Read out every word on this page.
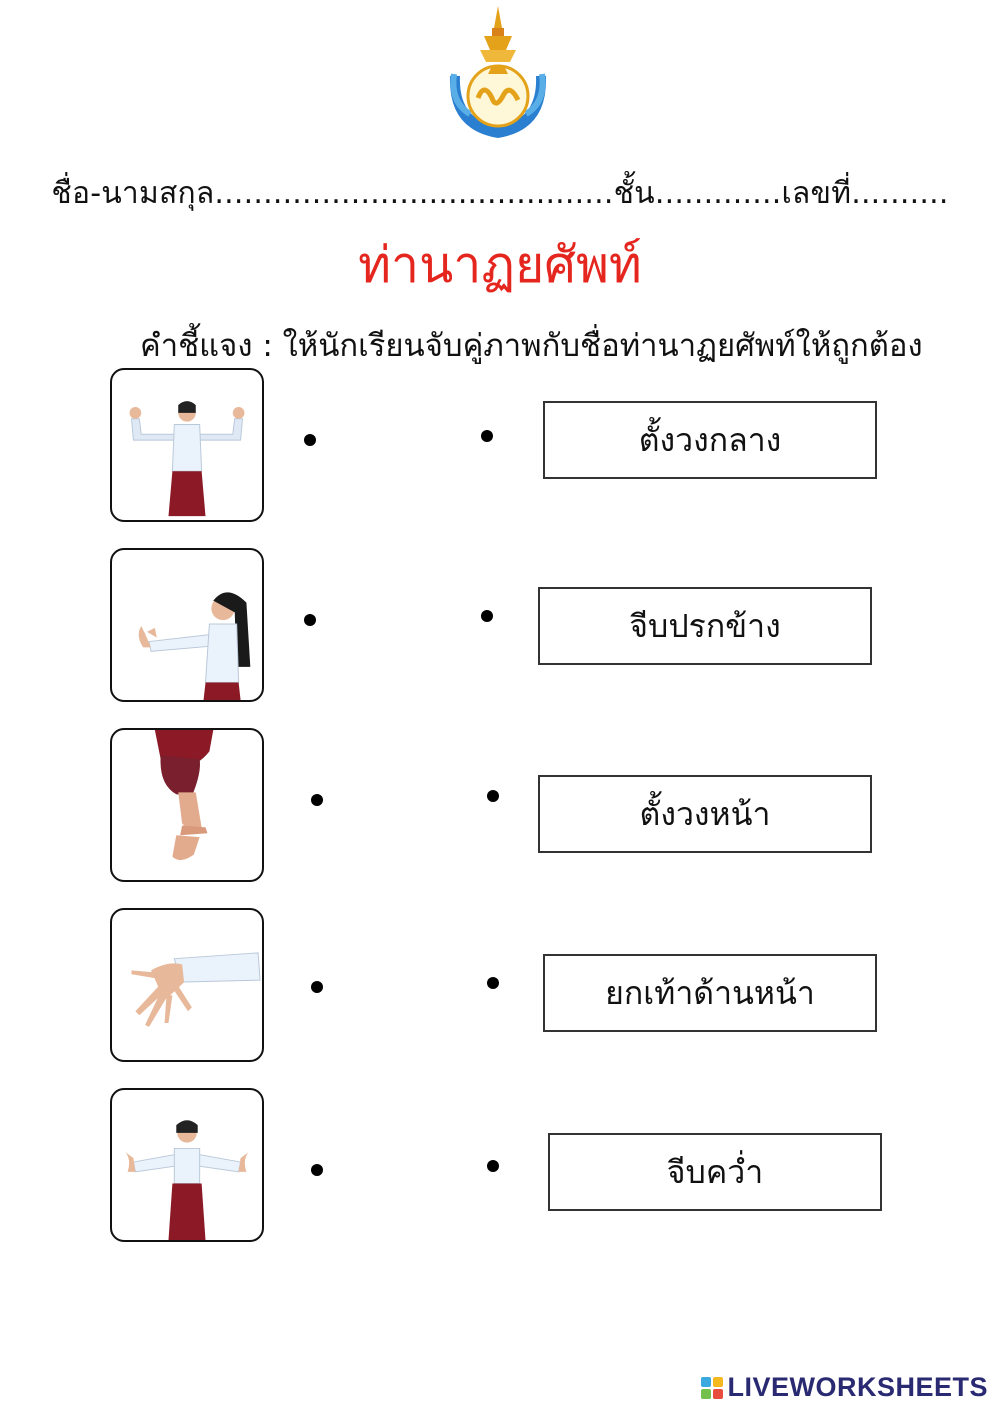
ชื่อ-นามสกุล.........................................ชั้น.............เลขที่..........
ท่านาฏยศัพท์
คำชี้แจง : ให้นักเรียนจับคู่ภาพกับชื่อท่านาฏยศัพท์ให้ถูกต้อง
ตั้งวงกลาง
จีบปรกข้าง
ตั้งวงหน้า
ยกเท้าด้านหน้า
จีบคว่ำ
LIVEWORKSHEETS
